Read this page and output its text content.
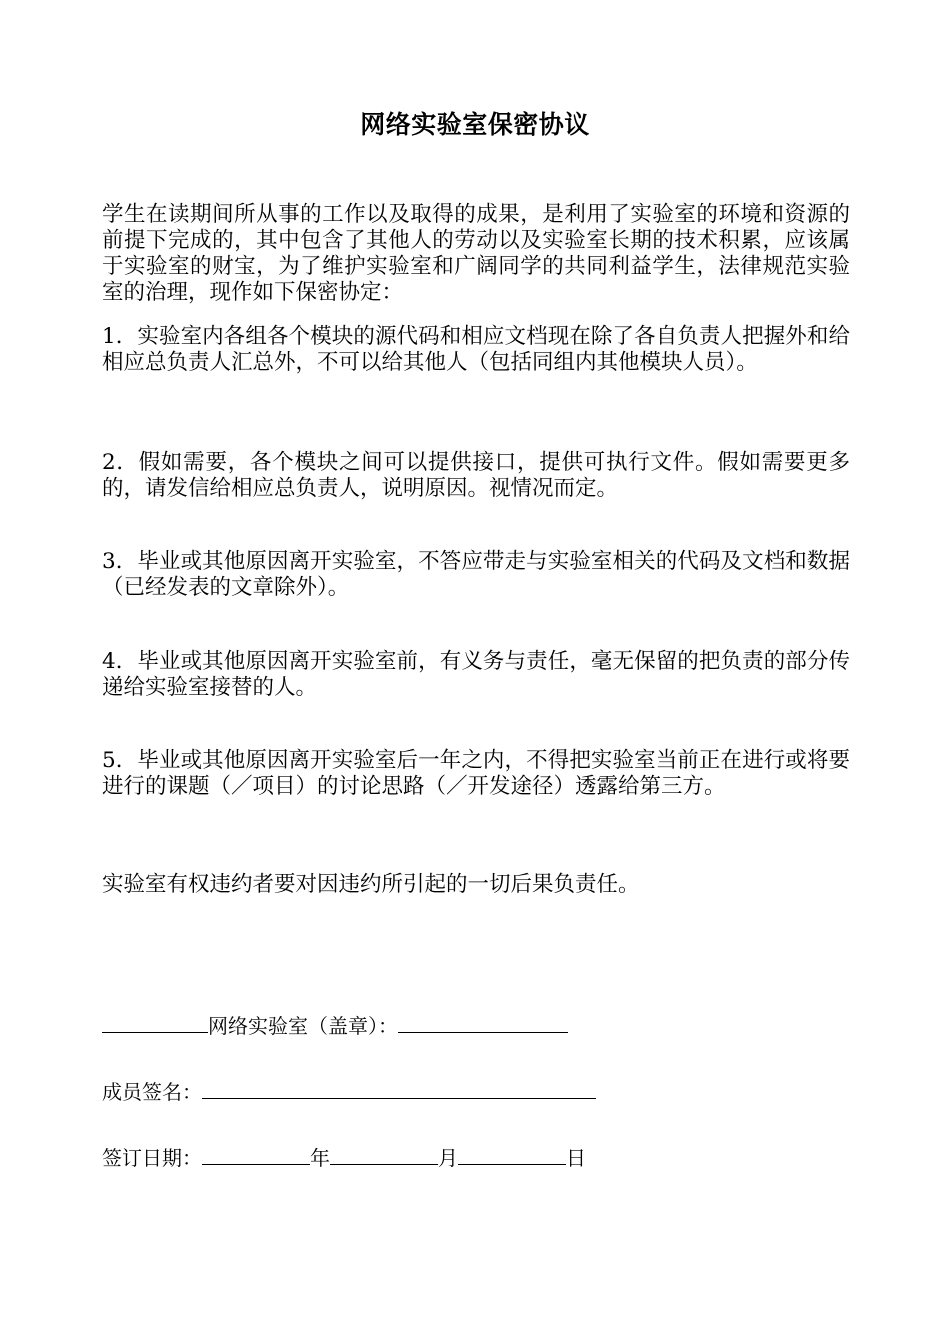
网络实验室保密协议

学生在读期间所从事的工作以及取得的成果，是利用了实验室的环境和资源的前提下完成的，其中包含了其他人的劳动以及实验室长期的技术积累，应该属于实验室的财宝，为了维护实验室和广阔同学的共同利益学生，法律规范实验室的治理，现作如下保密协定：

1．实验室内各组各个模块的源代码和相应文档现在除了各自负责人把握外和给相应总负责人汇总外，不可以给其他人（包括同组内其他模块人员）。

2．假如需要，各个模块之间可以提供接口，提供可执行文件。假如需要更多的，请发信给相应总负责人，说明原因。视情况而定。

3．毕业或其他原因离开实验室，不答应带走与实验室相关的代码及文档和数据（已经发表的文章除外）。

4．毕业或其他原因离开实验室前，有义务与责任，毫无保留的把负责的部分传递给实验室接替的人。

5．毕业或其他原因离开实验室后一年之内，不得把实验室当前正在进行或将要进行的课题（／项目）的讨论思路（／开发途径）透露给第三方。

实验室有权违约者要对因违约所引起的一切后果负责任。

网络实验室（盖章）：

成员签名：

签订日期：	年	月	日
